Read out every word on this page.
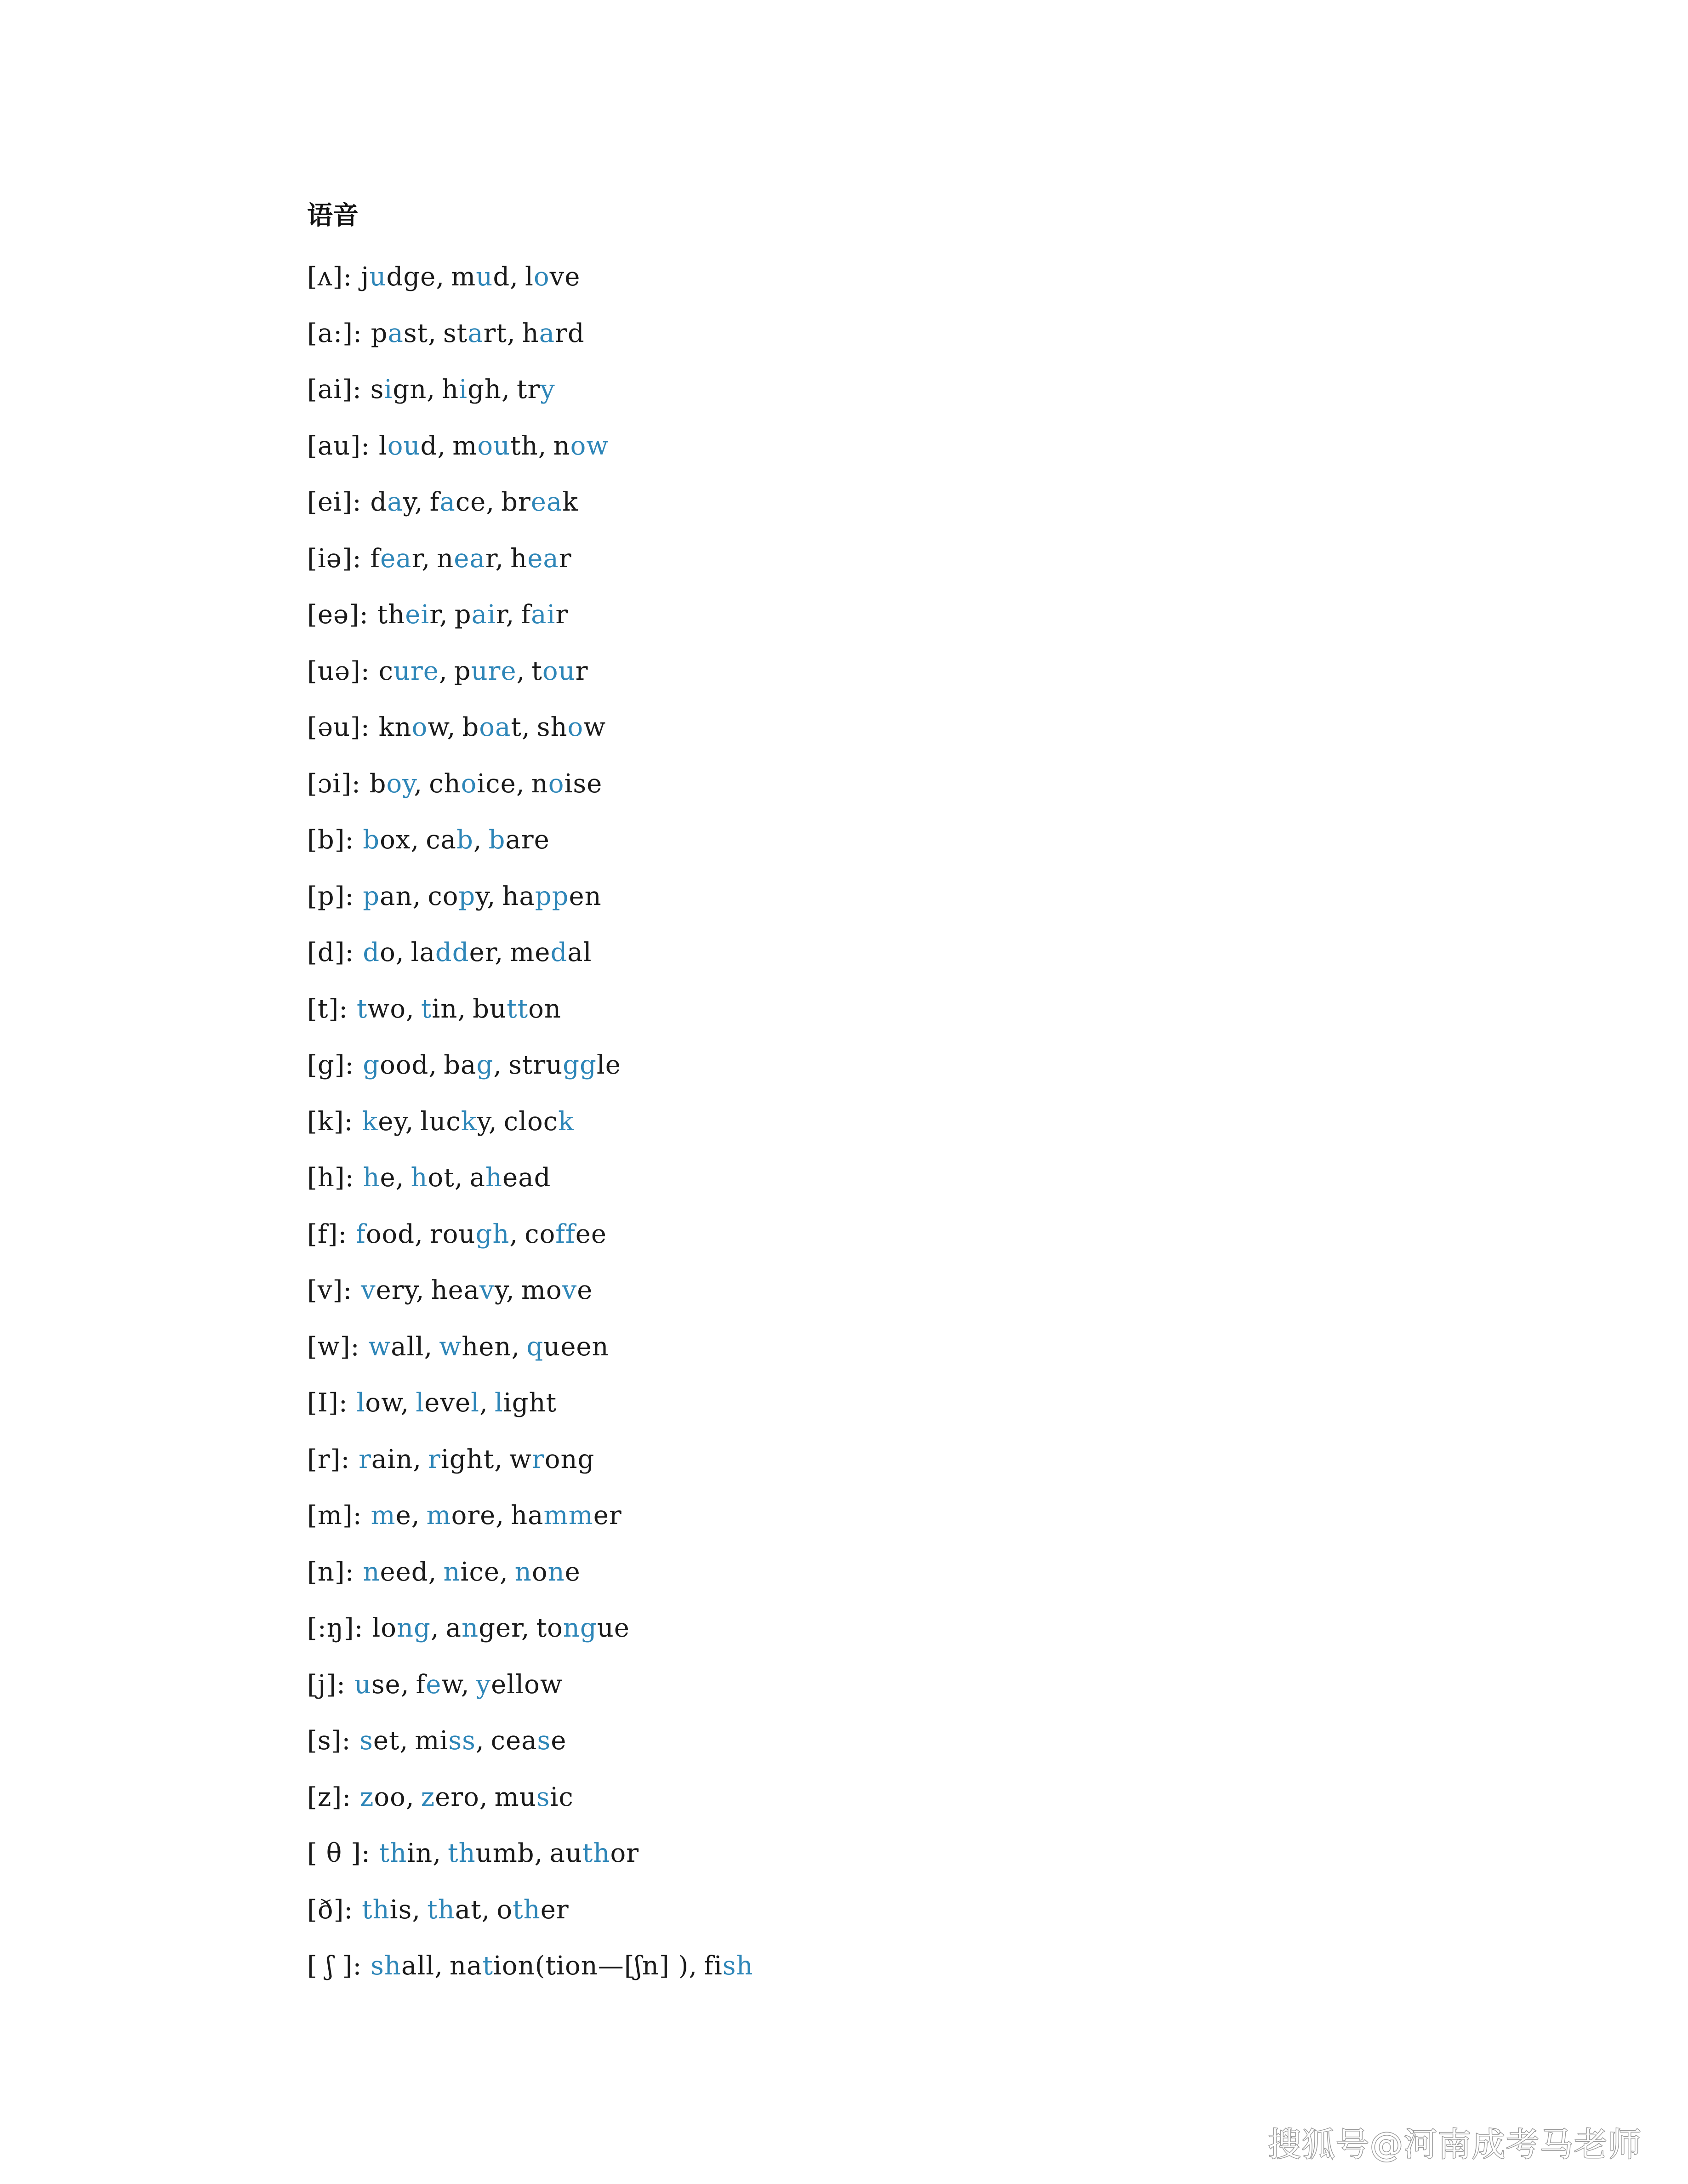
语音
[ʌ]: judge, mud, love
[a:]: past, start, hard
[ai]: sign, high, try
[au]: loud, mouth, now
[ei]: day, face, break
[iə]: fear, near, hear
[eə]: their, pair, fair
[uə]: cure, pure, tour
[əu]: know, boat, show
[ɔi]: boy, choice, noise
[b]: box, cab, bare
[p]: pan, copy, happen
[d]: do, ladder, medal
[t]: two, tin, button
[g]: good, bag, struggle
[k]: key, lucky, clock
[h]: he, hot, ahead
[f]: food, rough, coffee
[v]: very, heavy, move
[w]: wall, when, queen
[I]: low, level, light
[r]: rain, right, wrong
[m]: me, more, hammer
[n]: need, nice, none
[:ŋ]: long, anger, tongue
[j]: use, few, yellow
[s]: set, miss, cease
[z]: zoo, zero, music
[ θ ]: thin, thumb, author
[ð]: this, that, other
[ ʃ ]: shall, nation(tion—[ʃn] ), fish
搜狐号@河南成考马老师
